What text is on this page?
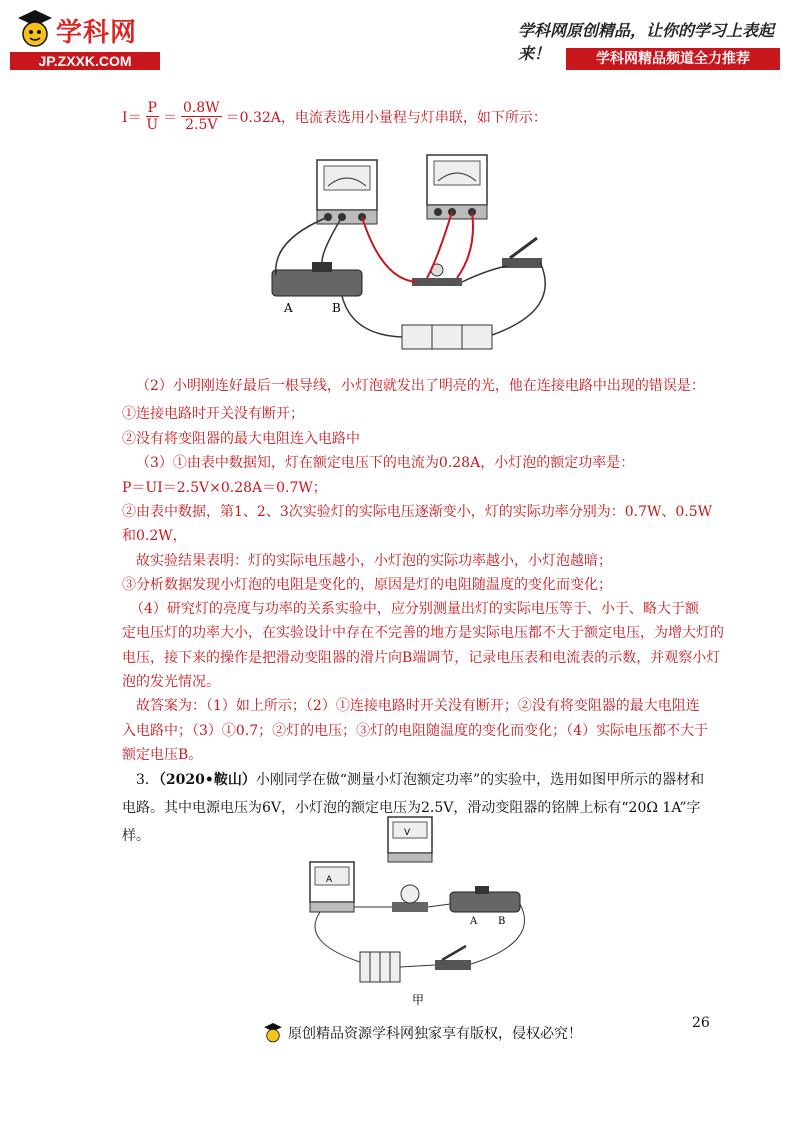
学科网
JP.ZXXK.COM
学科网原创精品，让你的学习上表起来！	学科网精品频道全力推荐
$I= \frac{P}{U} = \frac{0.8W}{2.5V} =0.32A$，电流表选用小量程与灯串联，如下所示：
A	B
（2）小明刚连好最后一根导线，小灯泡就发出了明亮的光，他在连接电路中出现的错误是：
①连接电路时开关没有断开；
②没有将变阻器的最大电阻连入电路中
（3）①由表中数据知，灯在额定电压下的电流为0.28A，小灯泡的额定功率是：
P＝UI＝2.5V×0.28A＝0.7W；
②由表中数据，第1、2、3次实验灯的实际电压逐渐变小，灯的实际功率分别为：0.7W、0.5W
和0.2W，
故实验结果表明：灯的实际电压越小，小灯泡的实际功率越小，小灯泡越暗；
③分析数据发现小灯泡的电阻是变化的，原因是灯的电阻随温度的变化而变化；
（4）研究灯的亮度与功率的关系实验中，应分别测量出灯的实际电压等于、小于、略大于额
定电压灯的功率大小，在实验设计中存在不完善的地方是实际电压都不大于额定电压，为增大灯的
电压，接下来的操作是把滑动变阻器的滑片向B端调节，记录电压表和电流表的示数，并观察小灯
泡的发光情况。
故答案为：（1）如上所示；（2）①连接电路时开关没有断开；②没有将变阻器的最大电阻连
入电路中；（3）①0.7；②灯的电压；③灯的电阻随温度的变化而变化；（4）实际电压都不大于
额定电压B。
3．（2020•鞍山）小刚同学在做“测量小灯泡额定功率”的实验中，选用如图甲所示的器材和
电路。其中电源电压为6V，小灯泡的额定电压为2.5V，滑动变阻器的铭牌上标有“20Ω 1A”字样。
A
V
A B
甲
26
原创精品资源学科网独家享有版权，侵权必究！
